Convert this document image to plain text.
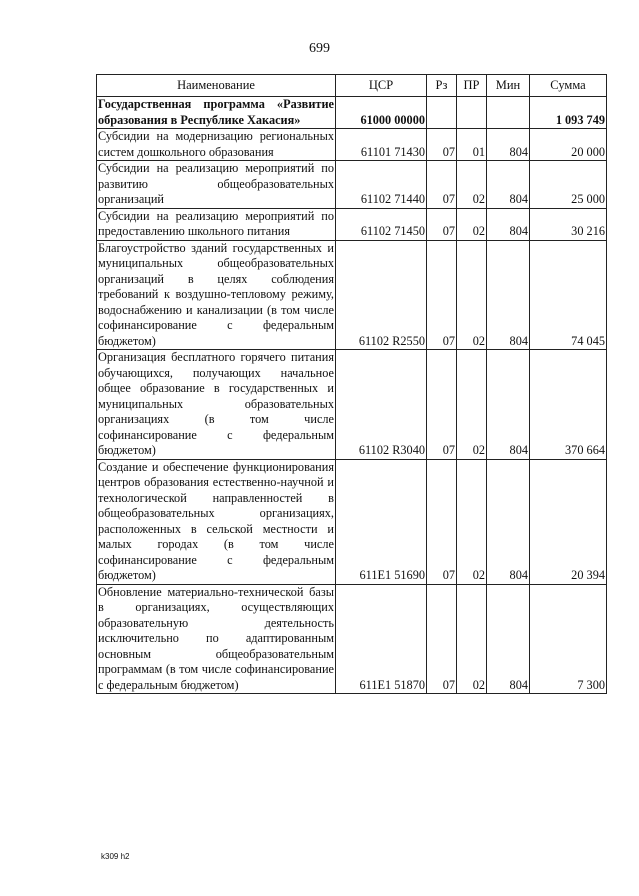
699
Наименование	ЦСР	Рз	ПР	Мин	Сумма
Государственная программа «Развитие образования в Республике Хакасия»	61000 00000				1 093 749
Субсидии на модернизацию региональных систем дошкольного образования	61101 71430	07	01	804	20 000
Субсидии на реализацию мероприятий по развитию общеобразовательных организаций	61102 71440	07	02	804	25 000
Субсидии на реализацию мероприятий по предоставлению школьного питания	61102 71450	07	02	804	30 216
Благоустройство зданий государственных и муниципальных общеобразовательных организаций в целях соблюдения требований к воздушно-тепловому режиму, водоснабжению и канализации (в том числе софинансирование с федеральным бюджетом)	61102 R2550	07	02	804	74 045
Организация бесплатного горячего питания обучающихся, получающих начальное общее образование в государственных и муниципальных образовательных организациях (в том числе софинансирование с федеральным бюджетом)	61102 R3040	07	02	804	370 664
Создание и обеспечение функционирования центров образования естественно-научной и технологической направленностей в общеобразовательных организациях, расположенных в сельской местности и малых городах (в том числе софинансирование с федеральным бюджетом)	611E1 51690	07	02	804	20 394
Обновление материально-технической базы в организациях, осуществляющих образовательную деятельность исключительно по адаптированным основным общеобразовательным программам (в том числе софинансирование с федеральным бюджетом)	611E1 51870	07	02	804	7 300
k309 h2
